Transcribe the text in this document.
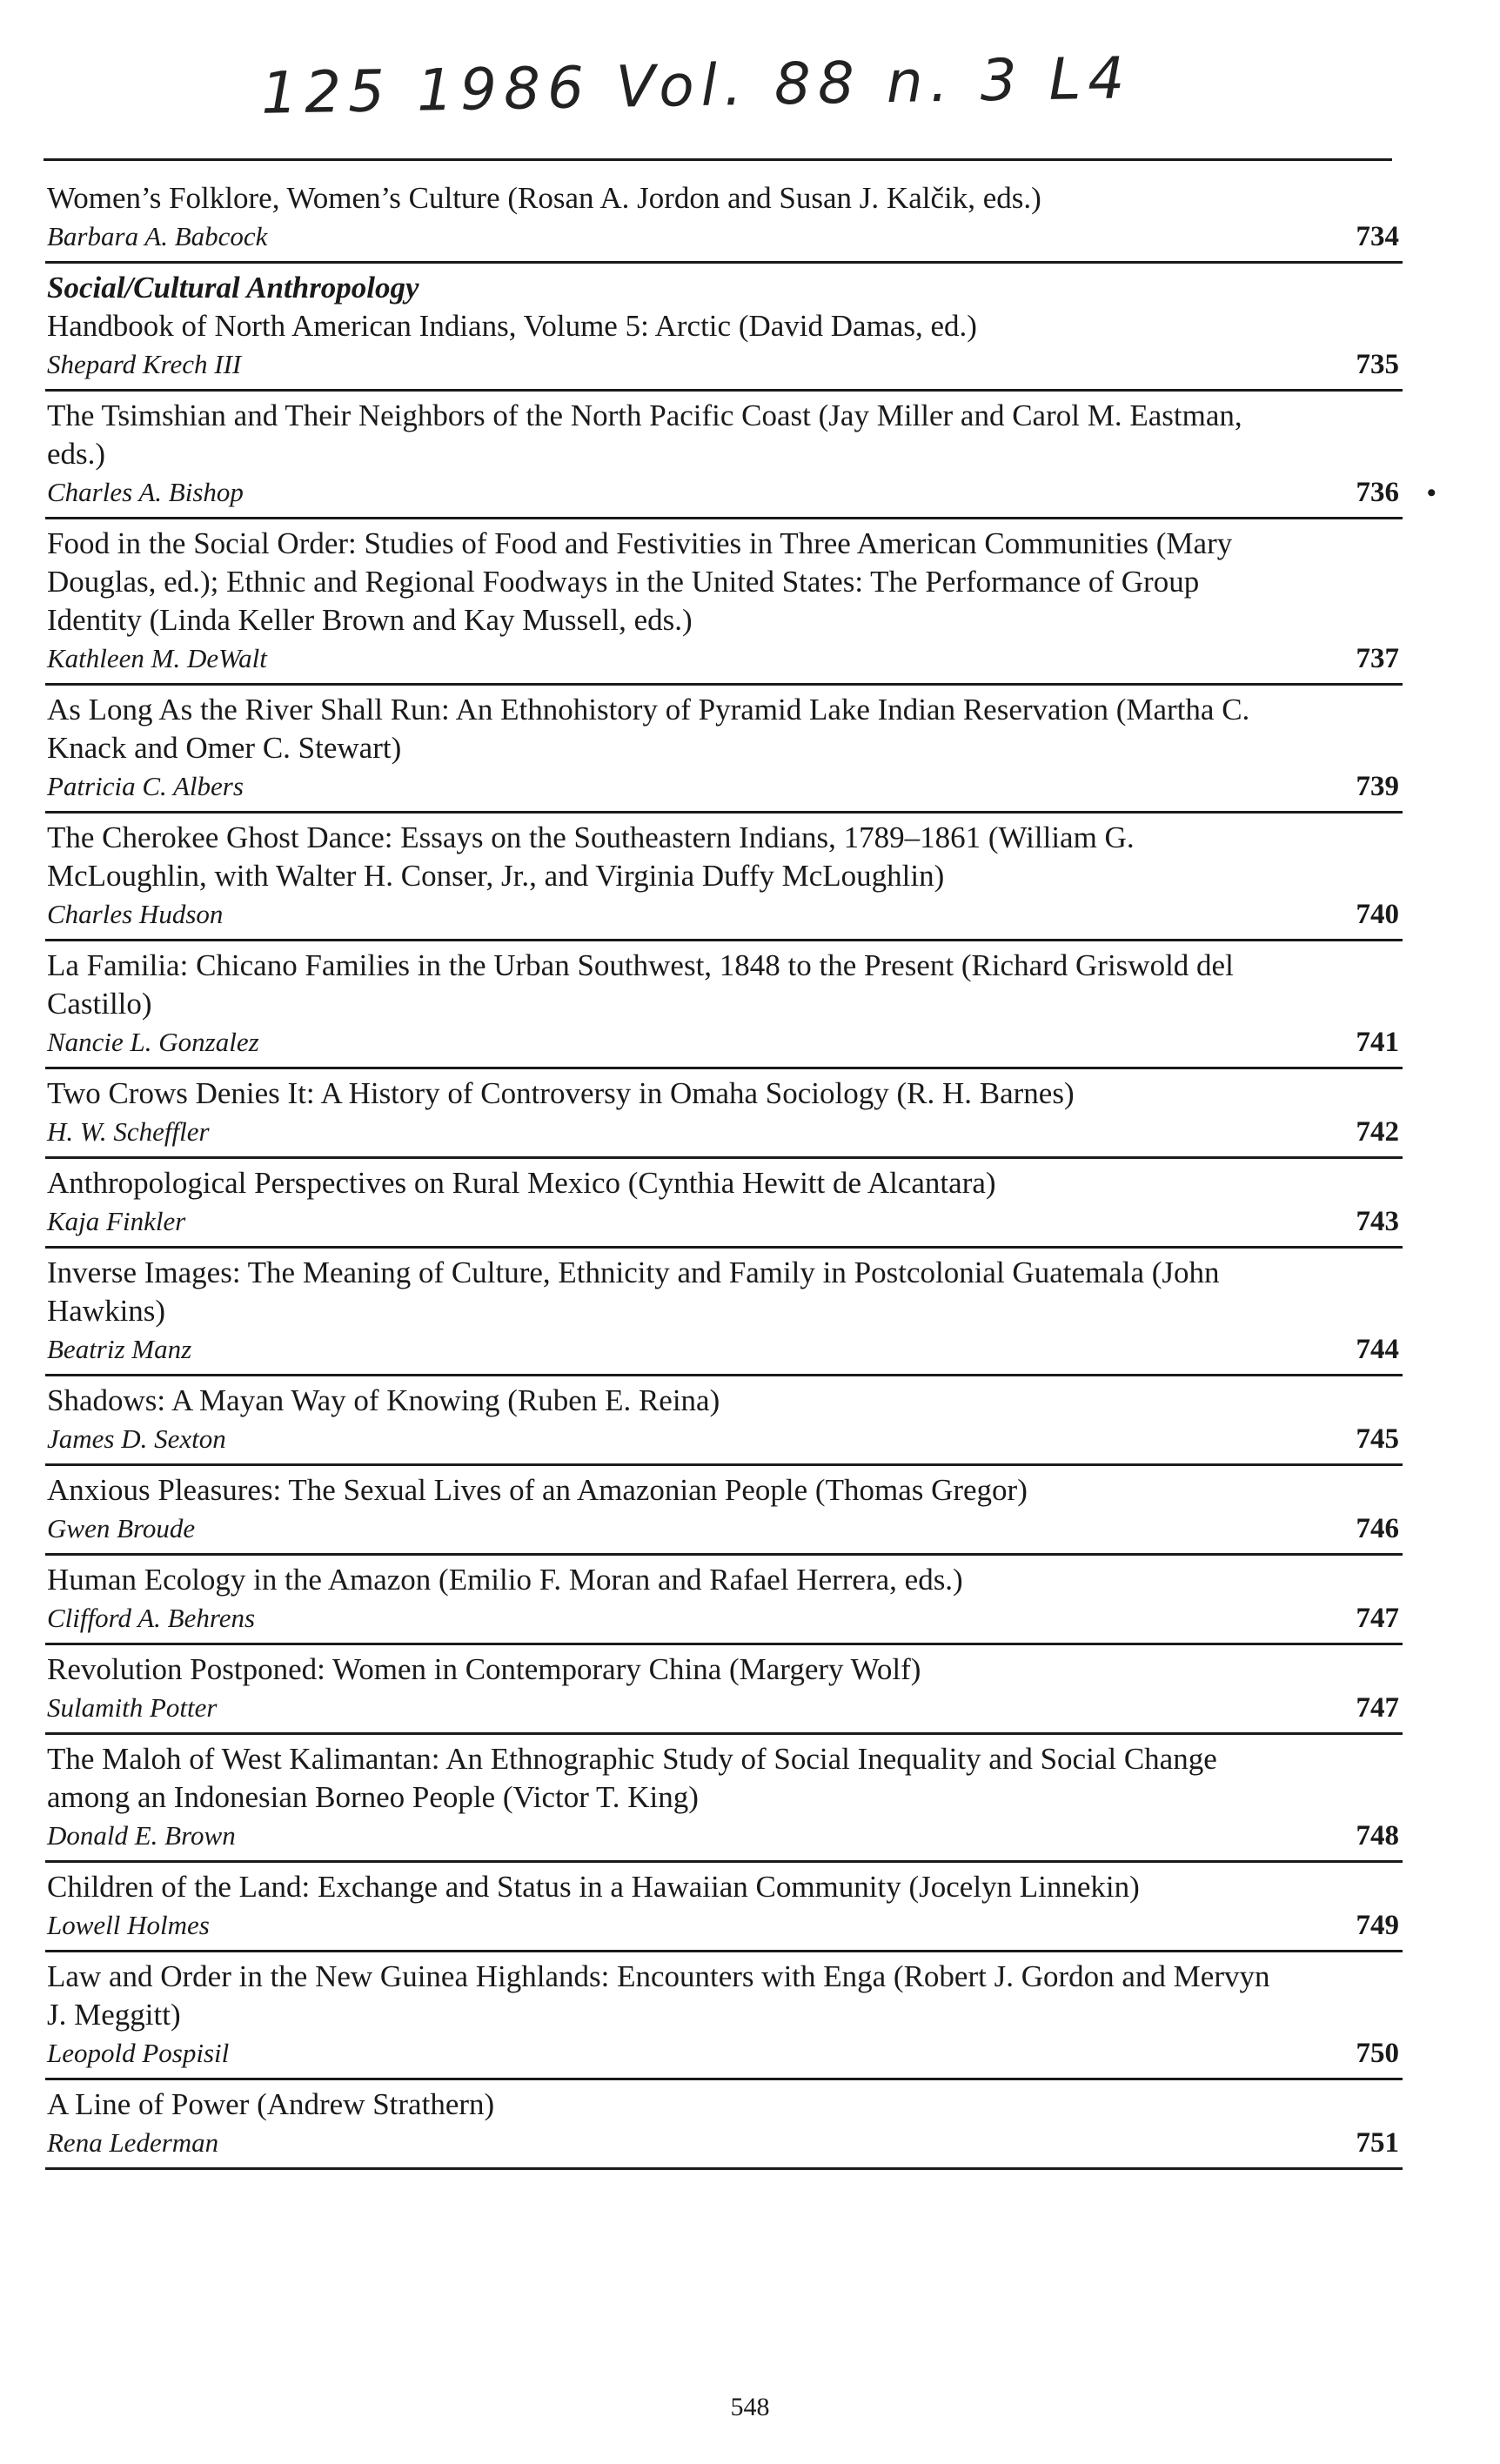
125 1986 Vol. 88 n. 3 L4
Women’s Folklore, Women’s Culture (Rosan A. Jordon and Susan J. Kalčik, eds.)
Barbara A. Babcock	734
Social/Cultural Anthropology
Handbook of North American Indians, Volume 5: Arctic (David Damas, ed.)
Shepard Krech III	735
The Tsimshian and Their Neighbors of the North Pacific Coast (Jay Miller and Carol M. Eastman, eds.)
Charles A. Bishop	736
Food in the Social Order: Studies of Food and Festivities in Three American Communities (Mary Douglas, ed.); Ethnic and Regional Foodways in the United States: The Performance of Group Identity (Linda Keller Brown and Kay Mussell, eds.)
Kathleen M. DeWalt	737
As Long As the River Shall Run: An Ethnohistory of Pyramid Lake Indian Reservation (Martha C. Knack and Omer C. Stewart)
Patricia C. Albers	739
The Cherokee Ghost Dance: Essays on the Southeastern Indians, 1789–1861 (William G. McLoughlin, with Walter H. Conser, Jr., and Virginia Duffy McLoughlin)
Charles Hudson	740
La Familia: Chicano Families in the Urban Southwest, 1848 to the Present (Richard Griswold del Castillo)
Nancie L. Gonzalez	741
Two Crows Denies It: A History of Controversy in Omaha Sociology (R. H. Barnes)
H. W. Scheffler	742
Anthropological Perspectives on Rural Mexico (Cynthia Hewitt de Alcantara)
Kaja Finkler	743
Inverse Images: The Meaning of Culture, Ethnicity and Family in Postcolonial Guatemala (John Hawkins)
Beatriz Manz	744
Shadows: A Mayan Way of Knowing (Ruben E. Reina)
James D. Sexton	745
Anxious Pleasures: The Sexual Lives of an Amazonian People (Thomas Gregor)
Gwen Broude	746
Human Ecology in the Amazon (Emilio F. Moran and Rafael Herrera, eds.)
Clifford A. Behrens	747
Revolution Postponed: Women in Contemporary China (Margery Wolf)
Sulamith Potter	747
The Maloh of West Kalimantan: An Ethnographic Study of Social Inequality and Social Change among an Indonesian Borneo People (Victor T. King)
Donald E. Brown	748
Children of the Land: Exchange and Status in a Hawaiian Community (Jocelyn Linnekin)
Lowell Holmes	749
Law and Order in the New Guinea Highlands: Encounters with Enga (Robert J. Gordon and Mervyn J. Meggitt)
Leopold Pospisil	750
A Line of Power (Andrew Strathern)
Rena Lederman	751
•
548
